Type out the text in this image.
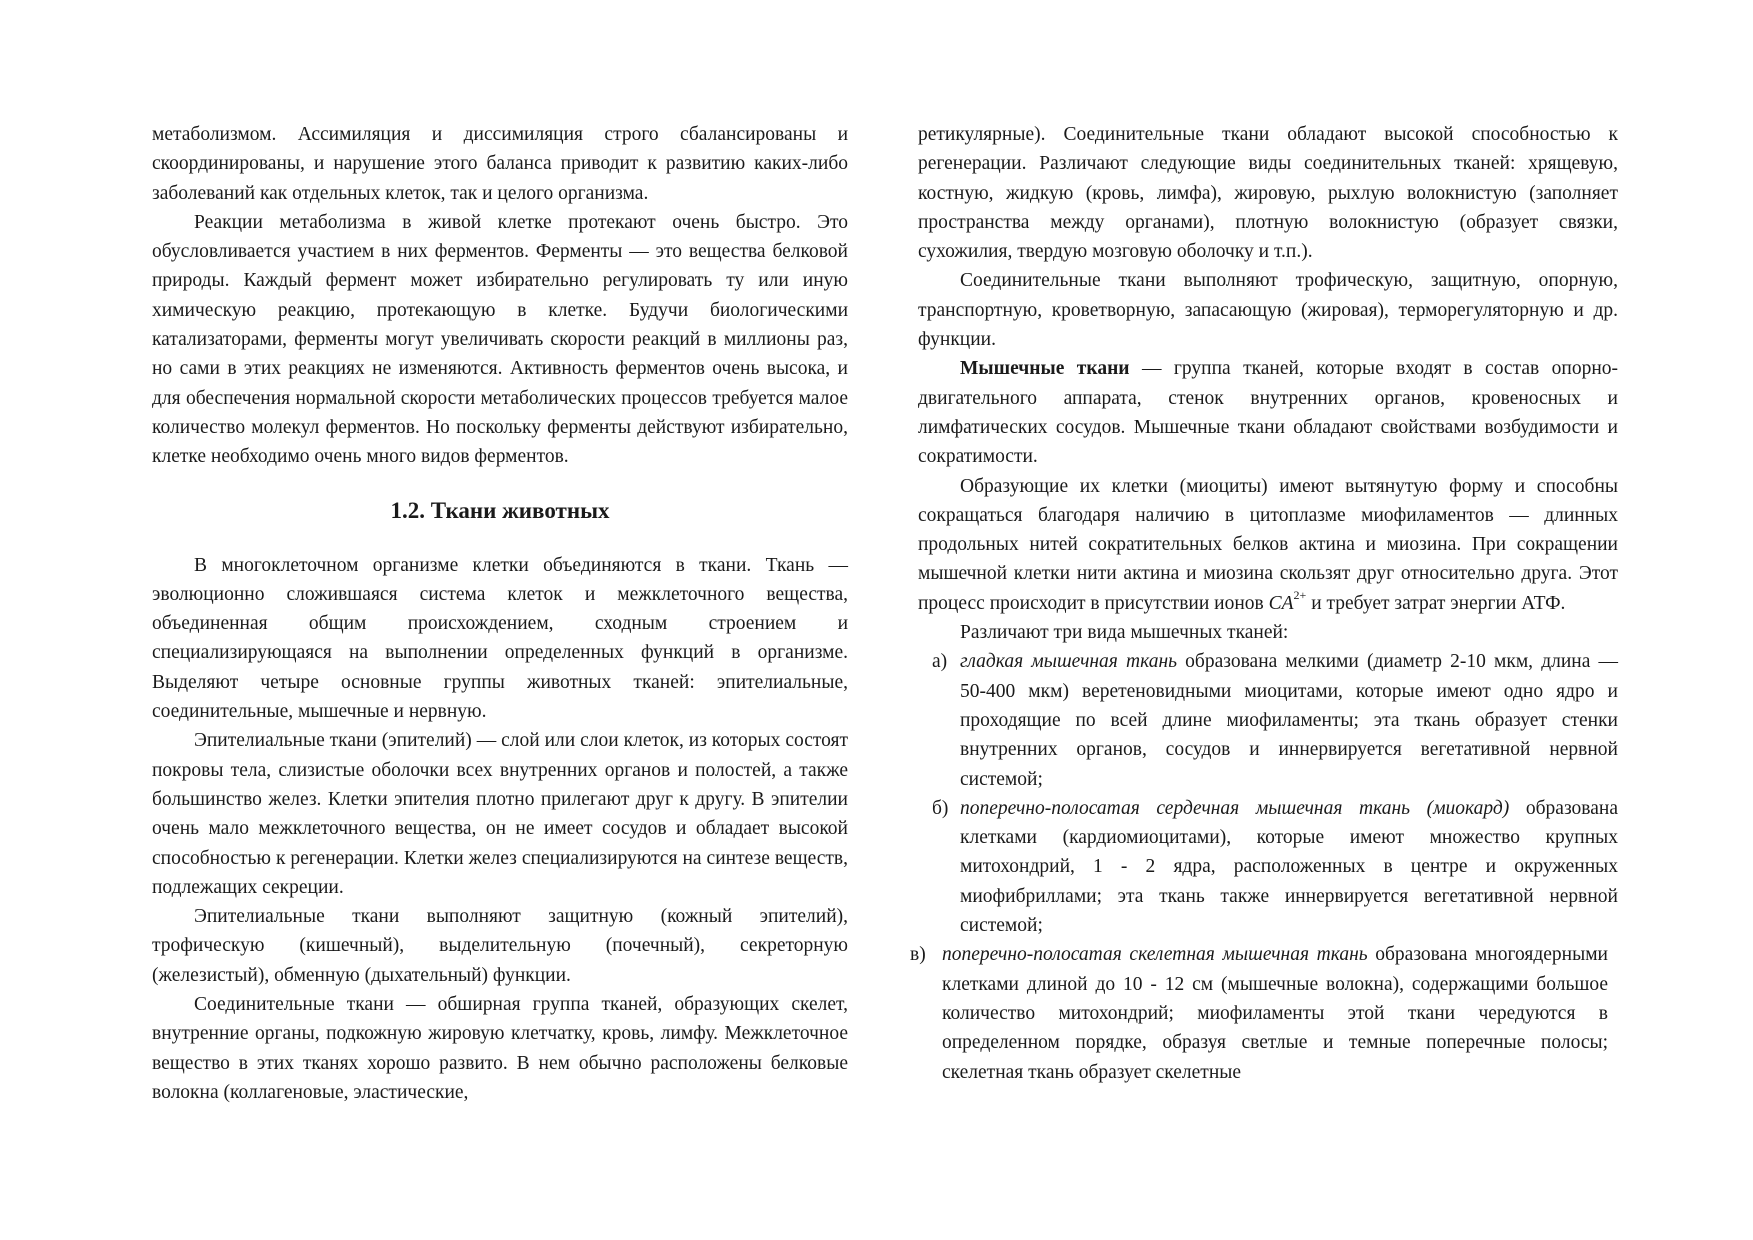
метаболизмом. Ассимиляция и диссимиляция строго сбалансированы и скоординированы, и нарушение этого баланса приводит к развитию каких-либо заболеваний как отдельных клеток, так и целого организма.

Реакции метаболизма в живой клетке протекают очень быстро. Это обусловливается участием в них ферментов. Ферменты — это вещества белковой природы. Каждый фермент может избирательно регулировать ту или иную химическую реакцию, протекающую в клетке. Будучи биологическими катализаторами, ферменты могут увеличивать скорости реакций в миллионы раз, но сами в этих реакциях не изменяются. Активность ферментов очень высока, и для обеспечения нормальной скорости метаболических процессов требуется малое количество молекул ферментов. Но поскольку ферменты действуют избирательно, клетке необходимо очень много видов ферментов.

1.2. Ткани животных

В многоклеточном организме клетки объединяются в ткани. Ткань — эволюционно сложившаяся система клеток и межклеточного вещества, объединенная общим происхождением, сходным строением и специализирующаяся на выполнении определенных функций в организме. Выделяют четыре основные группы животных тканей: эпителиальные, соединительные, мышечные и нервную.

Эпителиальные ткани (эпителий) — слой или слои клеток, из которых состоят покровы тела, слизистые оболочки всех внутренних органов и полостей, а также большинство желез. Клетки эпителия плотно прилегают друг к другу. В эпителии очень мало межклеточного вещества, он не имеет сосудов и обладает высокой способностью к регенерации. Клетки желез специализируются на синтезе веществ, подлежащих секреции.

Эпителиальные ткани выполняют защитную (кожный эпителий), трофическую (кишечный), выделительную (почечный), секреторную (железистый), обменную (дыхательный) функции.

Соединительные ткани — обширная группа тканей, образующих скелет, внутренние органы, подкожную жировую клетчатку, кровь, лимфу. Межклеточное вещество в этих тканях хорошо развито. В нем обычно расположены белковые волокна (коллагеновые, эластические,

ретикулярные). Соединительные ткани обладают высокой способностью к регенерации. Различают следующие виды соединительных тканей: хрящевую, костную, жидкую (кровь, лимфа), жировую, рыхлую волокнистую (заполняет пространства между органами), плотную волокнистую (образует связки, сухожилия, твердую мозговую оболочку и т.п.).

Соединительные ткани выполняют трофическую, защитную, опорную, транспортную, кроветворную, запасающую (жировая), терморегуляторную и др. функции.

Мышечные ткани — группа тканей, которые входят в состав опорно-двигательного аппарата, стенок внутренних органов, кровеносных и лимфатических сосудов. Мышечные ткани обладают свойствами возбудимости и сократимости.

Образующие их клетки (миоциты) имеют вытянутую форму и способны сокращаться благодаря наличию в цитоплазме миофиламентов — длинных продольных нитей сократительных белков актина и миозина. При сокращении мышечной клетки нити актина и миозина скользят друг относительно друга. Этот процесс происходит в присутствии ионов $CA^{2+}$ и требует затрат энергии АТФ.

Различают три вида мышечных тканей:

а) гладкая мышечная ткань образована мелкими (диаметр 2-10 мкм, длина — 50-400 мкм) веретеновидными миоцитами, которые имеют одно ядро и проходящие по всей длине миофиламенты; эта ткань образует стенки внутренних органов, сосудов и иннервируется вегетативной нервной системой;
б) поперечно-полосатая сердечная мышечная ткань (миокард) образована клетками (кардиомиоцитами), которые имеют множество крупных митохондрий, 1 - 2 ядра, расположенных в центре и окруженных миофибриллами; эта ткань также иннервируется вегетативной нервной системой;
в) поперечно-полосатая скелетная мышечная ткань образована многоядерными клетками длиной до 10 - 12 см (мышечные волокна), содержащими большое количество митохондрий; миофиламенты этой ткани чередуются в определенном порядке, образуя светлые и темные поперечные полосы; скелетная ткань образует скелетные
